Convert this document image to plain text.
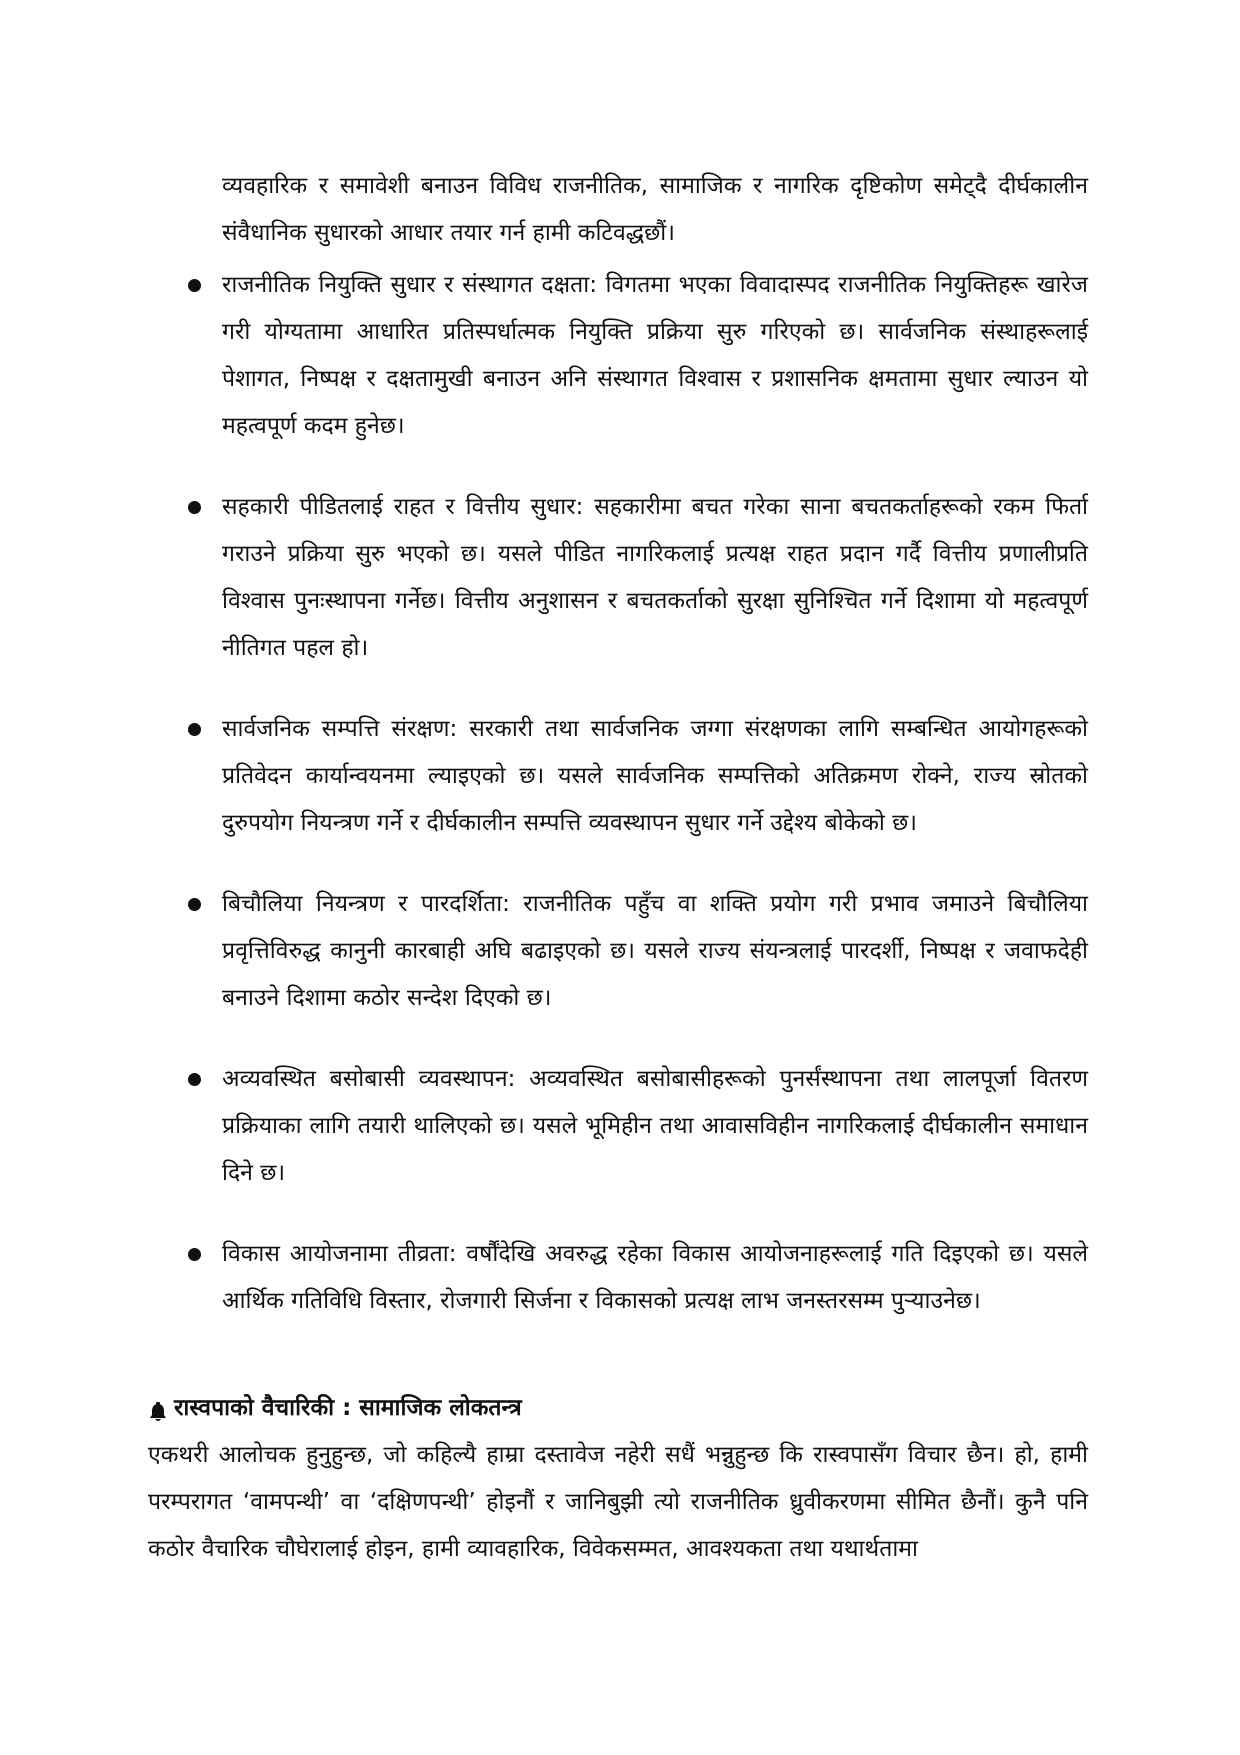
व्यवहारिक र समावेशी बनाउन विविध राजनीतिक, सामाजिक र नागरिक दृष्टिकोण समेट्दै दीर्घकालीन संवैधानिक सुधारको आधार तयार गर्न हामी कटिवद्धछौं।

राजनीतिक नियुक्ति सुधार र संस्थागत दक्षता: विगतमा भएका विवादास्पद राजनीतिक नियुक्तिहरू खारेज गरी योग्यतामा आधारित प्रतिस्पर्धात्मक नियुक्ति प्रक्रिया सुरु गरिएको छ। सार्वजनिक संस्थाहरूलाई पेशागत, निष्पक्ष र दक्षतामुखी बनाउन अनि संस्थागत विश्वास र प्रशासनिक क्षमतामा सुधार ल्याउन यो महत्वपूर्ण कदम हुनेछ।
सहकारी पीडितलाई राहत र वित्तीय सुधार: सहकारीमा बचत गरेका साना बचतकर्ताहरूको रकम फिर्ता गराउने प्रक्रिया सुरु भएको छ। यसले पीडित नागरिकलाई प्रत्यक्ष राहत प्रदान गर्दै वित्तीय प्रणालीप्रति विश्वास पुनःस्थापना गर्नेछ। वित्तीय अनुशासन र बचतकर्ताको सुरक्षा सुनिश्चित गर्ने दिशामा यो महत्वपूर्ण नीतिगत पहल हो।
सार्वजनिक सम्पत्ति संरक्षण: सरकारी तथा सार्वजनिक जग्गा संरक्षणका लागि सम्बन्धित आयोगहरूको प्रतिवेदन कार्यान्वयनमा ल्याइएको छ। यसले सार्वजनिक सम्पत्तिको अतिक्रमण रोक्ने, राज्य स्रोतको दुरुपयोग नियन्त्रण गर्ने र दीर्घकालीन सम्पत्ति व्यवस्थापन सुधार गर्ने उद्देश्य बोकेको छ।
बिचौलिया नियन्त्रण र पारदर्शिता: राजनीतिक पहुँच वा शक्ति प्रयोग गरी प्रभाव जमाउने बिचौलिया प्रवृत्तिविरुद्ध कानुनी कारबाही अघि बढाइएको छ। यसले राज्य संयन्त्रलाई पारदर्शी, निष्पक्ष र जवाफदेही बनाउने दिशामा कठोर सन्देश दिएको छ।
अव्यवस्थित बसोबासी व्यवस्थापन: अव्यवस्थित बसोबासीहरूको पुनर्संस्थापना तथा लालपूर्जा वितरण प्रक्रियाका लागि तयारी थालिएको छ। यसले भूमिहीन तथा आवासविहीन नागरिकलाई दीर्घकालीन समाधान दिने छ।
विकास आयोजनामा तीव्रता: वर्षौंदेखि अवरुद्ध रहेका विकास आयोजनाहरूलाई गति दिइएको छ। यसले आर्थिक गतिविधि विस्तार, रोजगारी सिर्जना र विकासको प्रत्यक्ष लाभ जनस्तरसम्म पुऱ्याउनेछ।
रास्वपाको वैचारिकी : सामाजिक लोकतन्त्र

एकथरी आलोचक हुनुहुन्छ, जो कहिल्यै हाम्रा दस्तावेज नहेरी सधैं भन्नुहुन्छ कि रास्वपासँग विचार छैन। हो, हामी परम्परागत ‘वामपन्थी’ वा ‘दक्षिणपन्थी’ होइनौं र जानिबुझी त्यो राजनीतिक ध्रुवीकरणमा सीमित छैनौं। कुनै पनि कठोर वैचारिक चौघेरालाई होइन, हामी व्यावहारिक, विवेकसम्मत, आवश्यकता तथा यथार्थतामा
